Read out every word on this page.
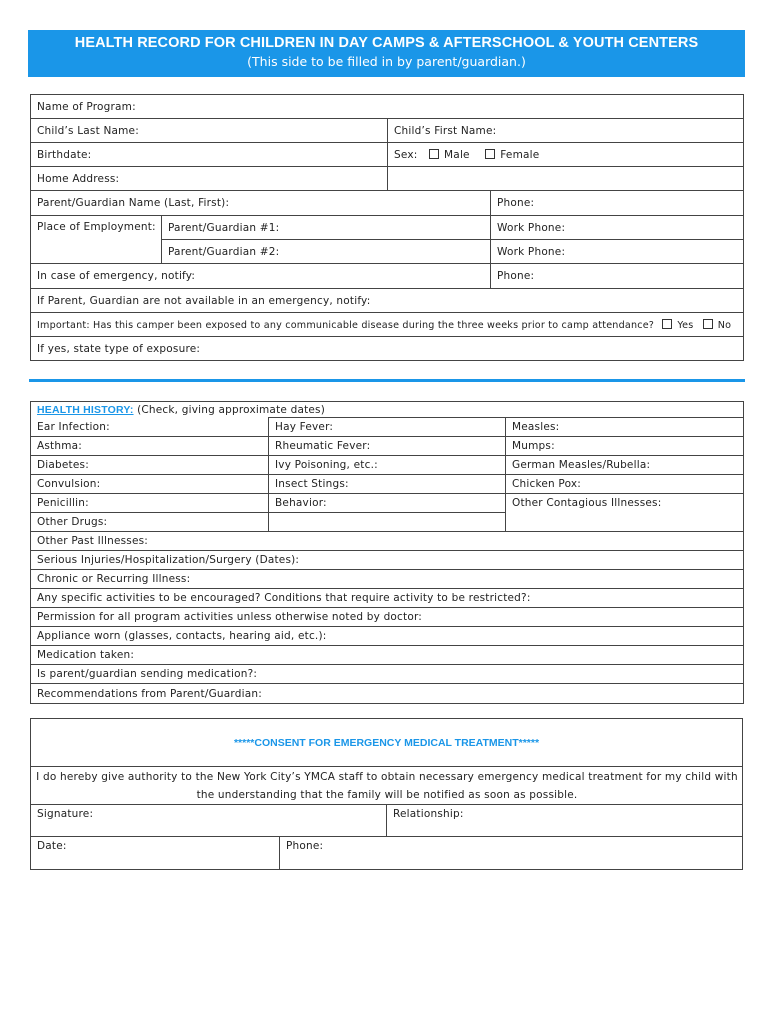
HEALTH RECORD FOR CHILDREN IN DAY CAMPS & AFTERSCHOOL & YOUTH CENTERS
(This side to be filled in by parent/guardian.)
Name of Program:			
Child’s Last Name:		Child’s First Name:	
Birthdate:		Sex: Male Female	
Home Address:			
Parent/Guardian Name (Last, First):			Phone:
Place of Employment:	Parent/Guardian #1:		Work Phone:
	Parent/Guardian #2:		Work Phone:
In case of emergency, notify:			Phone:
If Parent, Guardian are not available in an emergency, notify:			
Important: Has this camper been exposed to any communicable disease during the three weeks prior to camp attendance? Yes No			
If yes, state type of exposure:			
HEALTH HISTORY: (Check, giving approximate dates)		
Ear Infection:	Hay Fever:	Measles:
Asthma:	Rheumatic Fever:	Mumps:
Diabetes:	Ivy Poisoning, etc.:	German Measles/Rubella:
Convulsion:	Insect Stings:	Chicken Pox:
Penicillin:	Behavior:	Other Contagious Illnesses:
Other Drugs:		
Other Past Illnesses:		
Serious Injuries/Hospitalization/Surgery (Dates):		
Chronic or Recurring Illness:		
Any specific activities to be encouraged? Conditions that require activity to be restricted?:		
Permission for all program activities unless otherwise noted by doctor:		
Appliance worn (glasses, contacts, hearing aid, etc.):		
Medication taken:		
Is parent/guardian sending medication?:		
Recommendations from Parent/Guardian:		
*****CONSENT FOR EMERGENCY MEDICAL TREATMENT*****
I do hereby give authority to the New York City’s YMCA staff to obtain necessary emergency medical treatment for my child with
the understanding that the family will be notified as soon as possible.
Signature:	Relationship:
Date:	Phone:
